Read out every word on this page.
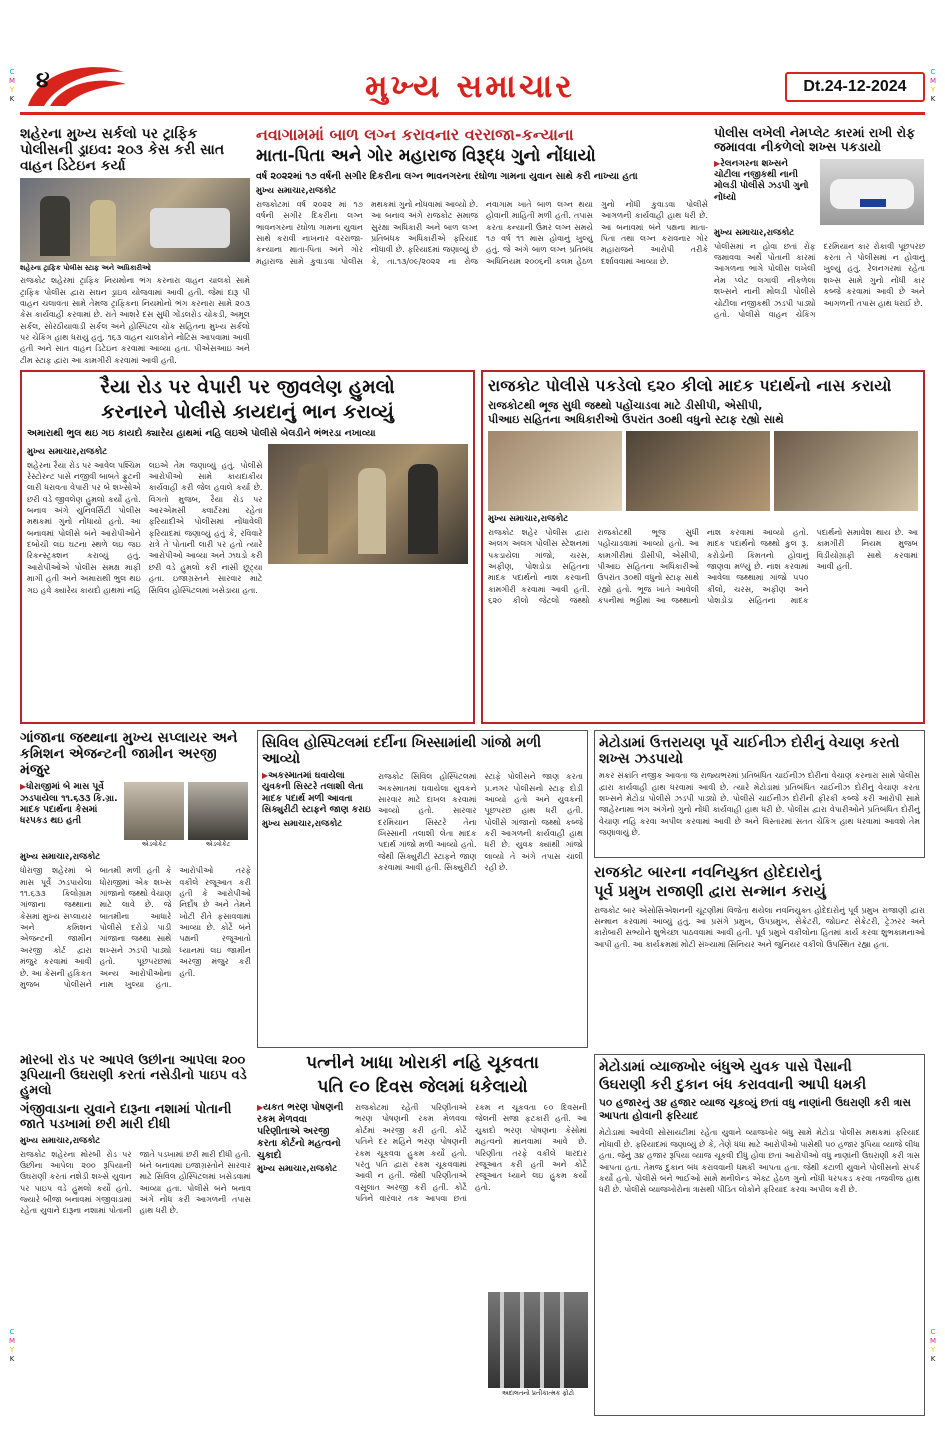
C
M
Y
K
C
M
Y
K
C
M
Y
K
C
M
Y
K
૪	મુખ્ય સમાચાર	Dt.24-12-2024
શહેરના મુખ્ય સર્કલો પર ટ્રાફિક પોલીસની ડ્રાઇવ: ૨૦૩ કેસ કરી સાત વાહન ડિટેઇન કર્યા
શહેરના ટ્રાફિક પોલીસ સ્ટાફ અને અધિકારીઓ
રાજકોટ શહેરમાં ટ્રાફિક નિયમોના ભંગ કરનારા વાહન ચાલકો સામે ટ્રાફિક પોલીસ દ્વારા સઘન ડ્રાઇવ યોજવામાં આવી હતી. જેમાં દારૂ પી વાહન ચલાવતા સામે તેમજ ટ્રાફિકના નિયમોનો ભંગ કરનારા સામે ૨૦૩ કેસ કાર્યવાહી કરવામાં છે. રાતે આશરે દસ સુધી ગોંડલરોડ ચોકડી, અમૂલ સર્કલ, સોરઠીયાવાડી સર્કલ અને હોસ્પિટલ ચોક સહિતના મુખ્ય સર્કલો પર ચેકિંગ હાથ ધરાયું હતું. ૧૬૩ વાહન ચાલકોને નોટિસ આપવામાં આવી હતી અને સાત વાહન ડિટેઇન કરવામાં આવ્યા હતા. પીએસઆઇ અને ટીમ સ્ટાફ દ્વારા આ કામગીરી કરવામાં આવી હતી.
નવાગામમાં બાળ લગ્ન કરાવનાર વરરાજા-કન્યાના
માતા-પિતા અને ગોર મહારાજ વિરૂદ્ધ ગુનો નોંધાયો
વર્ષ ૨૦૨૨માં ૧૭ વર્ષની સગીર દિકરીના લગ્ન ભાવનગરના રંઘોળા ગામના યુવાન સાથે કરી નાખ્યા હતા
મુખ્ય સમાચાર,રાજકોટ
રાજકોટમાં વર્ષ ૨૦૨૨ માં ૧૭ વર્ષની સગીર દિકરીના લગ્ન ભાવનગરના રંઘોળા ગામના યુવાન સાથે કરાવી નાખનાર વરરાજા-કન્યાના માતા-પિતા અને ગોર મહારાજ સામે કુવાડવા પોલીસ મથકમાં ગુનો નોંધવામાં આવ્યો છે. આ બનાવ અંગે રાજકોટ સમાજ સુરક્ષા અધિકારી અને બાળ લગ્ન પ્રતિબંધક અધિકારીએ ફરિયાદ નોંધાવી છે. ફરિયાદમાં જણાવ્યું છે કે, તા.૧૩/૦૯/૨૦૨૨ ના રોજ નવાગામ ખાતે બાળ લગ્ન થયા હોવાની માહિતી મળી હતી. તપાસ કરતા કન્યાની ઉંમર લગ્ન સમયે ૧૭ વર્ષ ૧૧ માસ હોવાનું ખુલ્યું હતું. જે અંગે બાળ લગ્ન પ્રતિબંધ અધિનિયમ ૨૦૦૬ની કલમ હેઠળ ગુનો નોંધી કુવાડવા પોલીસે આગળની કાર્યવાહી હાથ ધરી છે. આ બનાવમાં બંને પક્ષના માતા-પિતા તથા લગ્ન કરાવનાર ગોર મહારાજને આરોપી તરીકે દર્શાવવામાં આવ્યા છે.
પોલીસ લખેલી નેમપ્લેટ કારમાં રાખી રોફ જમાવવા નીકળેલો શખ્સ પકડાયો
▶ રેલનગરના શખ્સને ચોટીલા નજીકથી નાની મોલડી પોલીસે ઝડપી ગુનો નોંધ્યો
મુખ્ય સમાચાર,રાજકોટ
પોલીસમાં ન હોવા છતાં રોફ જમાવવા અર્થે પોતાની કારમાં આગળના ભાગે પોલીસ લખેલી નેમ પ્લેટ લગાવી નીકળેલા શખ્સને નાની મોલડી પોલીસે ચોટીલા નજીકથી ઝડપી પાડ્યો હતો. પોલીસે વાહન ચેકિંગ દરમિયાન કાર રોકાવી પૂછપરછ કરતા તે પોલીસમાં ન હોવાનું ખુલ્યું હતું. રેલનગરમાં રહેતા શખ્સ સામે ગુનો નોંધી કાર કબ્જે કરવામાં આવી છે અને આગળની તપાસ હાથ ધરાઈ છે.
રૈયા રોડ પર વેપારી પર જીવલેણ હુમલો
કરનારને પોલીસે કાયદાનું ભાન કરાવ્યું
અમારાથી ભુલ થઇ ગઇ કાયદો ક્યારેય હાથમાં નહિ લઇએ પોલીસે બેલડીને ભંભરડા નખાવ્યા
મુખ્ય સમાચાર,રાજકોટ
શહેરના રૈયા રોડ પર આવેલ પશ્ચિમ રેસ્ટોરન્ટ પાસે નજીવી બાબતે ફ્રુટની લારી ધરાવતા વેપારી પર બે શખ્સોએ છરી વડે જીવલેણ હુમલો કર્યો હતો. બનાવ અંગે યુનિવર્સિટી પોલીસ મથકમાં ગુનો નોંધાયો હતો. આ બનાવમાં પોલીસે બંને આરોપીઓને દબોચી લઇ ઘટના સ્થળે લઇ જઇ રિકન્સ્ટ્રક્શન કરાવ્યું હતું. આરોપીઓએ પોલીસ સમક્ષ માફી માગી હતી અને અમારાથી ભુલ થઇ ગઇ હવે ક્યારેય કાયદો હાથમાં નહિ લઇએ તેમ જણાવ્યું હતું. પોલીસે આરોપીઓ સામે કાયદાકીય કાર્યવાહી કરી જેલ હવાલે કર્યા છે. વિગતો મુજબ, રૈયા રોડ પર આરએમસી ક્વાર્ટરમાં રહેતા ફરિયાદીએ પોલીસમાં નોંધાવેલી ફરિયાદમાં જણાવ્યું હતું કે, રવિવારે રાત્રે તે પોતાની લારી પર હતો ત્યારે આરોપીઓ આવ્યા અને ઝઘડો કરી છરી વડે હુમલો કરી નાસી છૂટ્યા હતા. ઇજાગ્રસ્તને સારવાર માટે સિવિલ હોસ્પિટલમાં ખસેડાયા હતા.
રાજકોટ પોલીસે પકડેલો ૬૨૦ કીલો માદક પદાર્થનો નાસ કરાયો
રાજકોટથી ભૂજ સુધી જથ્થો પહોંચાડવા માટે ડીસીપી, એસીપી,
પીઆઇ સહિતના અધિકારીઓ ઉપરાંત ૩૦થી વધુનો સ્ટાફ રહ્યો સાથે
મુખ્ય સમાચાર,રાજકોટ
રાજકોટ શહેર પોલીસ દ્વારા અલગ અલગ પોલીસ સ્ટેશનમાં પકડાયેલા ગાંજો, ચરસ, અફીણ, પોશડોડા સહિતના માદક પદાર્થનો નાશ કરવાની કામગીરી કરવામાં આવી હતી. ૬૨૦ કીલો જેટલો જથ્થો રાજકોટથી ભૂજ સુધી પહોંચાડવામાં આવ્યો હતો. આ કામગીરીમાં ડીસીપી, એસીપી, પીઆઇ સહિતના અધિકારીઓ ઉપરાંત ૩૦થી વધુનો સ્ટાફ સાથે રહ્યો હતો. ભૂજ ખાતે આવેલી કંપનીમાં ભઠ્ઠીમાં આ જથ્થાનો નાશ કરવામાં આવ્યો હતો. માદક પદાર્થનો જથ્થો કુલ રૂ. કરોડોની કિંમતનો હોવાનું જાણવા મળ્યું છે. નાશ કરવામાં આવેલા જથ્થામાં ગાંજો ૫૫૦ કીલો, ચરસ, અફીણ અને પોશડોડા સહિતના માદક પદાર્થનો સમાવેશ થાય છે. આ કામગીરી નિયમ મુજબ વિડીયોગ્રાફી સાથે કરવામાં આવી હતી.
ગાંજાના જથ્થાના મુખ્ય સપ્લાયર અને કમિશન એજન્ટની જામીન અરજી મંજુર
▶ ધોરાજીમાં બે માસ પૂર્વે ઝડપાયેલા ૧૧.૬૩૩ કિ.ગ્રા. માદક પદાર્થના કેસમાં ધરપકડ થઇ હતી
એડવોકેટ	એડવોકેટ
મુખ્ય સમાચાર,રાજકોટ
ધોરાજી શહેરમાં બે માસ પૂર્વે ઝડપાયેલા ૧૧.૬૩૩ કિલોગ્રામ ગાંજાના જથ્થાના કેસમાં મુખ્ય સપ્લાયર અને કમિશન એજન્ટની જામીન અરજી કોર્ટ દ્વારા મંજુર કરવામાં આવી છે. આ કેસની હકિકત મુજબ પોલીસને બાતમી મળી હતી કે ધોરાજીમાં એક શખ્સ ગાંજાનો જથ્થો વેચાણ માટે લાવે છે. જે બાતમીના આધારે પોલીસે દરોડો પાડી ગાંજાના જથ્થા સાથે શખ્સને ઝડપી પાડ્યો હતો. પૂછપરછમાં અન્ય આરોપીઓના નામ ખુલ્યા હતા. આરોપીઓ તરફે વકીલે રજૂઆત કરી હતી કે આરોપીઓ નિર્દોષ છે અને તેમને ખોટી રીતે ફસાવવામાં આવ્યા છે. કોર્ટે બંને પક્ષની રજૂઆતો ધ્યાનમાં લઇ જામીન અરજી મંજુર કરી હતી.
સિવિલ હોસ્પિટલમાં દર્દીના ખિસ્સામાંથી ગાંજો મળી આવ્યો
▶ અકસ્માતમાં ઘવાયેલા યુવકની સિસ્ટરે તલાશી લેતા માદક પદાર્થ મળી આવતા સિક્યુરીટી સ્ટાફને જાણ કરાઇ
મુખ્ય સમાચાર,રાજકોટ
રાજકોટ સિવિલ હોસ્પિટલમાં અકસ્માતમાં ઘવાયેલા યુવકને સારવાર માટે દાખલ કરવામાં આવ્યો હતો. સારવાર દરમિયાન સિસ્ટરે તેના ખિસ્સાની તલાશી લેતા માદક પદાર્થ ગાંજો મળી આવ્યો હતો. જેથી સિક્યુરીટી સ્ટાફને જાણ કરવામાં આવી હતી. સિક્યુરીટી સ્ટાફે પોલીસને જાણ કરતા પ્ર.નગર પોલીસનો સ્ટાફ દોડી આવ્યો હતો અને યુવકની પૂછપરછ હાથ ધરી હતી. પોલીસે ગાંજાનો જથ્થો કબ્જે કરી આગળની કાર્યવાહી હાથ ધરી છે. યુવક ક્યાંથી ગાંજો લાવ્યો તે અંગે તપાસ ચાલી રહી છે.
મેટોડામાં ઉત્તરાયણ પૂર્વે ચાઈનીઝ દોરીનું વેચાણ કરતો શખ્સ ઝડપાયો
મકર સંક્રાંતિ નજીક આવતા જ રાજ્યભરમાં પ્રતિબંધિત ચાઈનીઝ દોરીના વેચાણ કરનારા સામે પોલીસ દ્વારા કાર્યવાહી હાથ ધરવામાં આવી છે. ત્યારે મેટોડામાં પ્રતિબંધિત ચાઈનીઝ દોરીનું વેચાણ કરતા શખ્સને મેટોડા પોલીસે ઝડપી પાડ્યો છે. પોલીસે ચાઈનીઝ દોરીની ફીરકી કબ્જે કરી આરોપી સામે જાહેરનામા ભંગ અંગેનો ગુનો નોંધી કાર્યવાહી હાથ ધરી છે. પોલીસ દ્વારા વેપારીઓને પ્રતિબંધિત દોરીનું વેચાણ નહિ કરવા અપીલ કરવામાં આવી છે અને વિસ્તારમાં સતત ચેકિંગ હાથ ધરવામાં આવશે તેમ જણાવાયું છે.
રાજકોટ બારના નવનિયુક્ત હોદેદારોનું
પૂર્વ પ્રમુખ રાજાણી દ્વારા સન્માન કરાયું
રાજકોટ બાર એસોસિએશનની ચૂંટણીમાં વિજેતા થયેલા નવનિયુક્ત હોદેદારોનું પૂર્વ પ્રમુખ રાજાણી દ્વારા સન્માન કરવામાં આવ્યું હતું. આ પ્રસંગે પ્રમુખ, ઉપપ્રમુખ, સેક્રેટરી, જોઇન્ટ સેક્રેટરી, ટ્રેઝરર અને કારોબારી સભ્યોને શુભેચ્છા પાઠવવામાં આવી હતી. પૂર્વ પ્રમુખે વકીલોના હિતમાં કાર્ય કરવા શુભકામનાઓ આપી હતી. આ કાર્યક્રમમાં મોટી સંખ્યામાં સિનિયર અને જુનિયર વકીલો ઉપસ્થિત રહ્યા હતા.
મોરબી રોડ પર આપેલે ઉછીના આપેલા ૨૦૦ રૂપિયાની ઉઘરાણી કરતાં નસેડીનો પાઇપ વડે હુમલો
ગંજીવાડાના યુવાને દારૂના નશામાં પોતાની જાતે પડખામાં છરી મારી દીધી
મુખ્ય સમાચાર,રાજકોટ
રાજકોટ શહેરના મોરબી રોડ પર ઉછીના આપેલા ૨૦૦ રૂપિયાની ઉઘરાણી કરતાં નશેડી શખ્સે યુવાન પર પાઇપ વડે હુમલો કર્યો હતો. જ્યારે બીજા બનાવમાં ગંજીવાડામાં રહેતા યુવાને દારૂના નશામાં પોતાની જાતે પડખામાં છરી મારી દીધી હતી. બંને બનાવમાં ઇજાગ્રસ્તોને સારવાર માટે સિવિલ હોસ્પિટલમાં ખસેડવામાં આવ્યા હતા. પોલીસે બંને બનાવ અંગે નોંધ કરી આગળની તપાસ હાથ ધરી છે.
પત્નીને ખાધા ખોરાકી નહિ ચૂકવતા
પતિ ૯૦ દિવસ જેલમાં ધકેલાયો
▶ યકત ભરણ પોષણની રકમ મેળવવા પરિણીતાએ અરજી કરતા કોર્ટનો મહત્વનો ચુકાદો
મુખ્ય સમાચાર,રાજકોટ
રાજકોટમાં રહેતી પરિણીતાએ ભરણ પોષણની રકમ મેળવવા કોર્ટમાં અરજી કરી હતી. કોર્ટે પતિને દર મહિને ભરણ પોષણની રકમ ચૂકવવા હુકમ કર્યો હતો. પરંતુ પતિ દ્વારા રકમ ચૂકવવામાં આવી ન હતી. જેથી પરિણીતાએ વસૂલાત અરજી કરી હતી. કોર્ટે પતિને વારંવાર તક આપવા છતાં રકમ ન ચૂકવતા ૯૦ દિવસની જેલની સજા ફટકારી હતી. આ ચુકાદો ભરણ પોષણના કેસોમાં મહત્વનો માનવામાં આવે છે. પરિણીતા તરફે વકીલે ધારદાર રજૂઆત કરી હતી અને કોર્ટે રજૂઆત ધ્યાને લઇ હુકમ કર્યો હતો.
અદાલતનો પ્રતીકાત્મક ફોટો
મેટોડામાં વ્યાજખોર બંધુએ યુવક પાસે પૈસાની
ઉઘરાણી કરી દુકાન બંધ કરાવવાની આપી ધમકી
૫૦ હજારનું ૩૪ હજાર વ્યાજ ચૂકવ્યું છતાં વધુ નાણાંની ઉઘરાણી કરી ત્રાસ આપતા હોવાની ફરિયાદ
મેટોડામાં આવેલી સોસાયટીમાં રહેતા યુવાને વ્યાજખોર બંધુ સામે મેટોડા પોલીસ મથકમાં ફરિયાદ નોંધાવી છે. ફરિયાદમાં જણાવ્યું છે કે, તેણે ધંધા માટે આરોપીઓ પાસેથી ૫૦ હજાર રૂપિયા વ્યાજે લીધા હતા. જેનું ૩૪ હજાર રૂપિયા વ્યાજ ચૂકવી દીધું હોવા છતાં આરોપીઓ વધુ નાણાંની ઉઘરાણી કરી ત્રાસ આપતા હતા. તેમજ દુકાન બંધ કરાવવાની ધમકી આપતા હતા. જેથી કંટાળી યુવાને પોલીસનો સંપર્ક કર્યો હતો. પોલીસે બંને ભાઈઓ સામે મનીલેન્ડ એક્ટ હેઠળ ગુનો નોંધી ધરપકડ કરવા તજવીજ હાથ ધરી છે. પોલીસે વ્યાજખોરોના ત્રાસથી પીડિત લોકોને ફરિયાદ કરવા અપીલ કરી છે.
